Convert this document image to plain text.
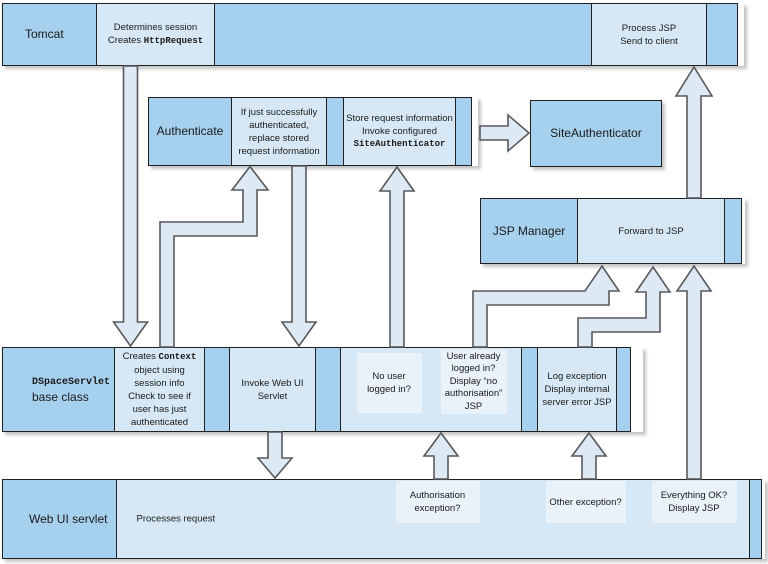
Tomcat	Determines session
Creates HttpRequest
Process JSP
Send to client
Authenticate
If just successfully
authenticated,
replace stored
request information
Store request information
Invoke configured
SiteAuthenticator
SiteAuthenticator
JSP Manager	Forward to JSP
DSpaceServlet
base class
Creates Context
object using
session info
Check to see if
user has just
authenticated
Invoke Web UI
Servlet
No user
logged in?
User already
logged in?
Display “no
authorisation”
JSP
Log exception
Display internal
server error JSP
Web UI servlet	Processes request
Authorisation
exception?
Other exception?
Everything OK?
Display JSP
